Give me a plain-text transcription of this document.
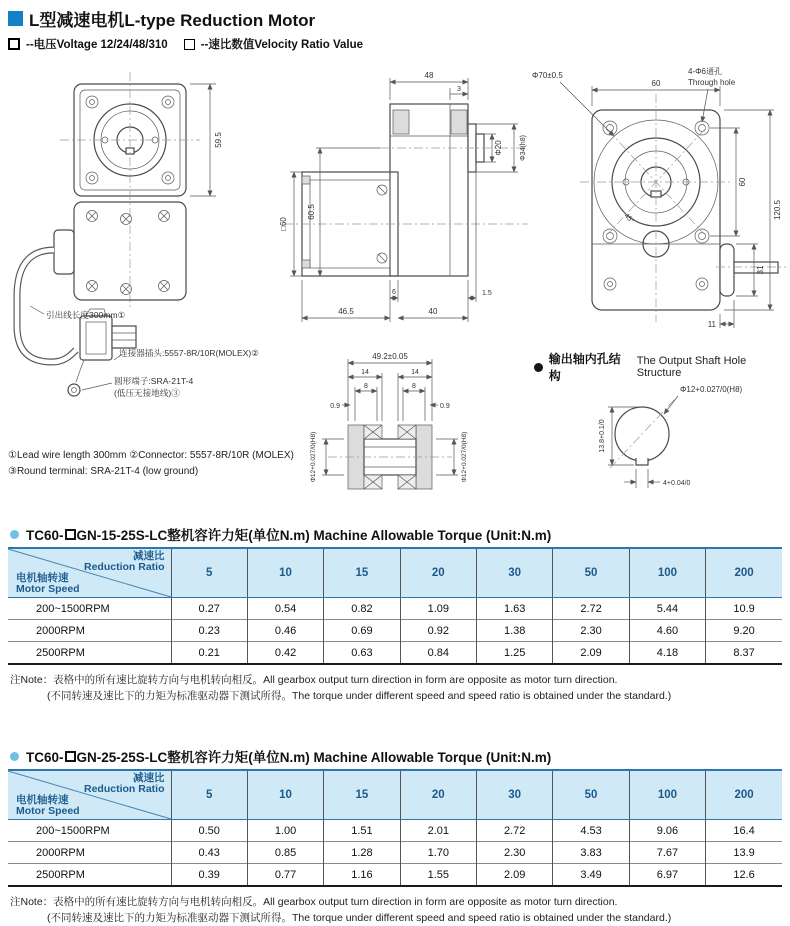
L型减速电机L-type Reduction Motor
--电压Voltage 12/24/48/310	--速比数值Velocity Ratio Value
59.5
引出线长度300mm①
连接器插头:5557-8R/10R(MOLEX)②
圆形端子:SRA-21T-4
(低压无接地线)③
48
3
Φ20 Φ34(h8)
60.5
□60
6
46.5	40
1.5
60
Φ70±0.5	4-Φ6通孔
Through hole
60
120.5
31
11
45°
49.2±0.05
14	14
8	8
0.9	0.9
Φ12+0.027/0(H8)	Φ12+0.027/0(H8)
输出轴内孔结构
The Output Shaft Hole Structure
Φ12+0.027/0(H8)
13.8+0.1/0
4+0.04/0
①Lead wire length 300mm ②Connector: 5557-8R/10R (MOLEX)
③Round terminal: SRA-21T-4 (low ground)
TC60- GN-15-25S-LC整机容许力矩(单位N.m) Machine Allowable Torque (Unit:N.m)
减速比
Reduction Ratio
电机轴转速
Motor Speed	5	10	15	20	30	50	100	200
200~1500RPM	0.27	0.54	0.82	1.09	1.63	2.72	5.44	10.9
2000RPM	0.23	0.46	0.69	0.92	1.38	2.30	4.60	9.20
2500RPM	0.21	0.42	0.63	0.84	1.25	2.09	4.18	8.37
注Note：表格中的所有速比旋转方向与电机转向相反。All gearbox output turn direction in form are opposite as motor turn direction.
(不同转速及速比下的力矩为标准驱动器下测试所得。The torque under different speed and speed ratio is obtained under the standard.)
TC60- GN-25-25S-LC整机容许力矩(单位N.m) Machine Allowable Torque (Unit:N.m)
减速比
Reduction Ratio
电机轴转速
Motor Speed	5	10	15	20	30	50	100	200
200~1500RPM	0.50	1.00	1.51	2.01	2.72	4.53	9.06	16.4
2000RPM	0.43	0.85	1.28	1.70	2.30	3.83	7.67	13.9
2500RPM	0.39	0.77	1.16	1.55	2.09	3.49	6.97	12.6
注Note：表格中的所有速比旋转方向与电机转向相反。All gearbox output turn direction in form are opposite as motor turn direction.
(不同转速及速比下的力矩为标准驱动器下测试所得。The torque under different speed and speed ratio is obtained under the standard.)
